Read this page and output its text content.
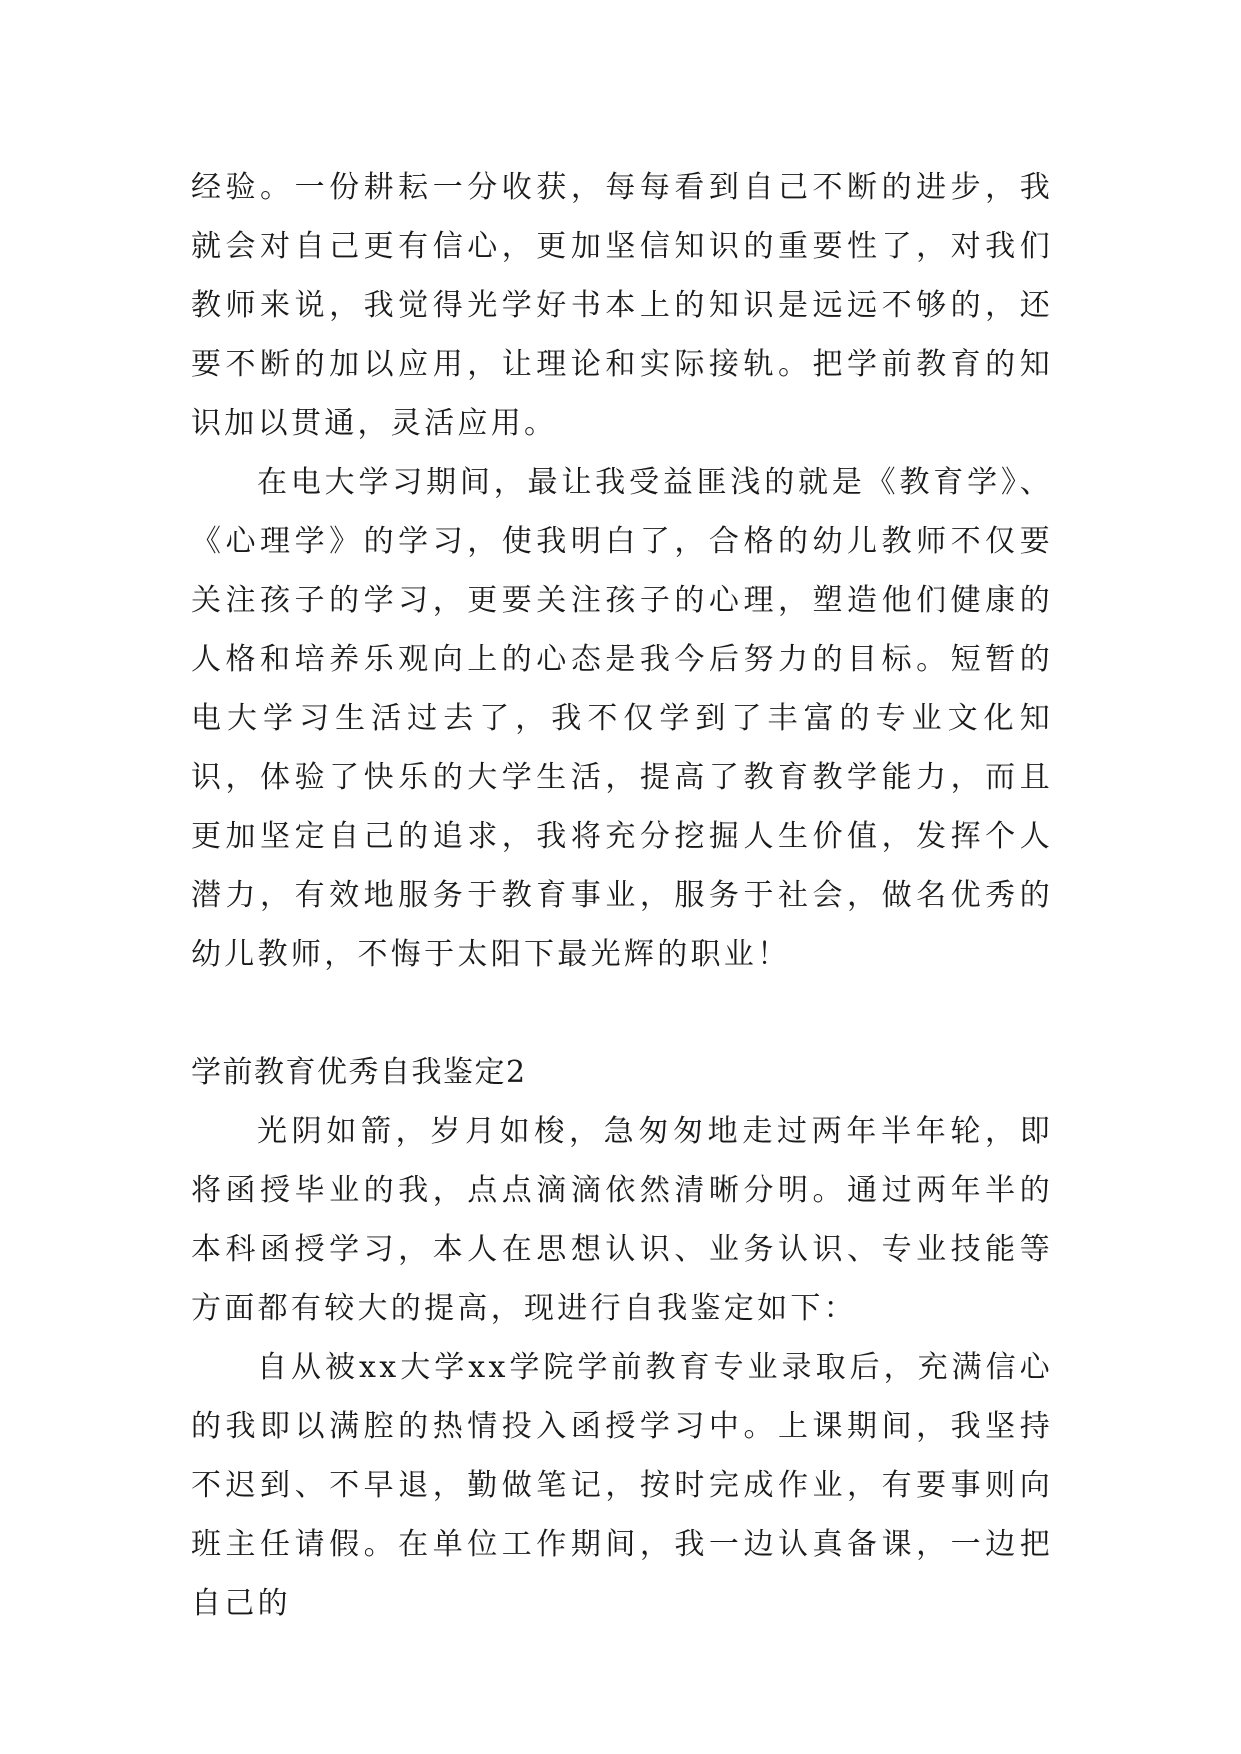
经验。一份耕耘一分收获，每每看到自己不断的进步，我就会对自己更有信心，更加坚信知识的重要性了，对我们教师来说，我觉得光学好书本上的知识是远远不够的，还要不断的加以应用，让理论和实际接轨。把学前教育的知识加以贯通，灵活应用。

在电大学习期间，最让我受益匪浅的就是《教育学》、《心理学》的学习，使我明白了，合格的幼儿教师不仅要关注孩子的学习，更要关注孩子的心理，塑造他们健康的人格和培养乐观向上的心态是我今后努力的目标。短暂的电大学习生活过去了，我不仅学到了丰富的专业文化知识，体验了快乐的大学生活，提高了教育教学能力，而且更加坚定自己的追求，我将充分挖掘人生价值，发挥个人潜力，有效地服务于教育事业，服务于社会，做名优秀的幼儿教师，不悔于太阳下最光辉的职业！

学前教育优秀自我鉴定2

光阴如箭，岁月如梭，急匆匆地走过两年半年轮，即将函授毕业的我，点点滴滴依然清晰分明。通过两年半的本科函授学习，本人在思想认识、业务认识、专业技能等方面都有较大的提高，现进行自我鉴定如下：

自从被xx大学xx学院学前教育专业录取后，充满信心的我即以满腔的热情投入函授学习中。上课期间，我坚持不迟到、不早退，勤做笔记，按时完成作业，有要事则向班主任请假。在单位工作期间，我一边认真备课，一边把自己的
